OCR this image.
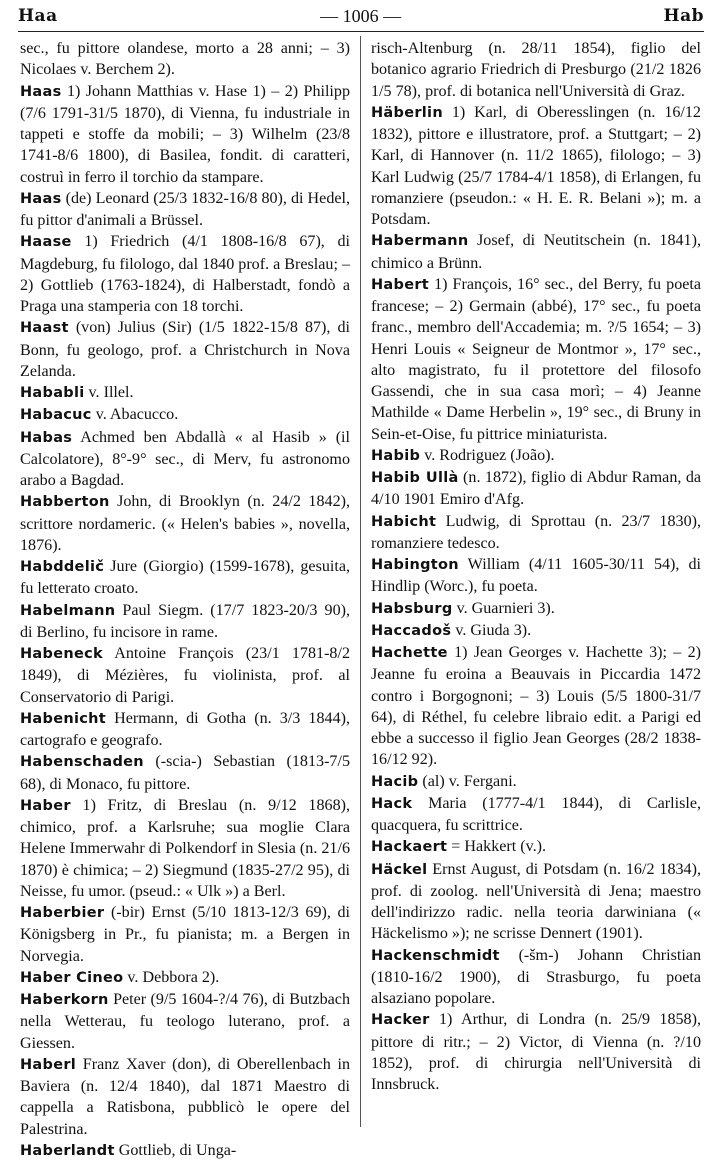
Haa	— 1006 —	Hab

sec., fu pittore olandese, morto a 28 anni; – 3) Nicolaes v. Berchem 2).

Haas 1) Johann Matthias v. Hase 1) – 2) Philipp (7/6 1791-31/5 1870), di Vienna, fu industriale in tappeti e stoffe da mobili; – 3) Wilhelm (23/8 1741-8/6 1800), di Basilea, fondit. di caratteri, costruì in ferro il torchio da stampare.

Haas (de) Leonard (25/3 1832-16/8 80), di Hedel, fu pittor d'animali a Brüssel.

Haase 1) Friedrich (4/1 1808-16/8 67), di Magdeburg, fu filologo, dal 1840 prof. a Breslau; – 2) Gottlieb (1763-1824), di Halberstadt, fondò a Praga una stamperia con 18 torchi.

Haast (von) Julius (Sir) (1/5 1822-15/8 87), di Bonn, fu geologo, prof. a Christchurch in Nova Zelanda.

Hababli v. Illel.

Habacuc v. Abacucco.

Habas Achmed ben Abdallà « al Hasib » (il Calcolatore), 8°-9° sec., di Merv, fu astronomo arabo a Bagdad.

Habberton John, di Brooklyn (n. 24/2 1842), scrittore nordameric. (« Helen's babies », novella, 1876).

Habddelič Jure (Giorgio) (1599-1678), gesuita, fu letterato croato.

Habelmann Paul Siegm. (17/7 1823-20/3 90), di Berlino, fu incisore in rame.

Habeneck Antoine François (23/1 1781-8/2 1849), di Mézières, fu violinista, prof. al Conservatorio di Parigi.

Habenicht Hermann, di Gotha (n. 3/3 1844), cartografo e geografo.

Habenschaden (-scia-) Sebastian (1813-7/5 68), di Monaco, fu pittore.

Haber 1) Fritz, di Breslau (n. 9/12 1868), chimico, prof. a Karlsruhe; sua moglie Clara Helene Immerwahr di Polkendorf in Slesia (n. 21/6 1870) è chimica; – 2) Siegmund (1835-27/2 95), di Neisse, fu umor. (pseud.: « Ulk ») a Berl.

Haberbier (-bir) Ernst (5/10 1813-12/3 69), di Königsberg in Pr., fu pianista; m. a Bergen in Norvegia.

Haber Cineo v. Debbora 2).

Haberkorn Peter (9/5 1604-?/4 76), di Butzbach nella Wetterau, fu teologo luterano, prof. a Giessen.

Haberl Franz Xaver (don), di Oberellenbach in Baviera (n. 12/4 1840), dal 1871 Maestro di cappella a Ratisbona, pubblicò le opere del Palestrina.

Haberlandt Gottlieb, di Unga-

risch-Altenburg (n. 28/11 1854), figlio del botanico agrario Friedrich di Presburgo (21/2 1826 1/5 78), prof. di botanica nell'Università di Graz.

Häberlin 1) Karl, di Oberesslingen (n. 16/12 1832), pittore e illustratore, prof. a Stuttgart; – 2) Karl, di Hannover (n. 11/2 1865), filologo; – 3) Karl Ludwig (25/7 1784-4/1 1858), di Erlangen, fu romanziere (pseudon.: « H. E. R. Belani »); m. a Potsdam.

Habermann Josef, di Neutitschein (n. 1841), chimico a Brünn.

Habert 1) François, 16° sec., del Berry, fu poeta francese; – 2) Germain (abbé), 17° sec., fu poeta franc., membro dell'Accademia; m. ?/5 1654; – 3) Henri Louis « Seigneur de Montmor », 17° sec., alto magistrato, fu il protettore del filosofo Gassendi, che in sua casa morì; – 4) Jeanne Mathilde « Dame Herbelin », 19° sec., di Bruny in Sein-et-Oise, fu pittrice miniaturista.

Habib v. Rodriguez (João).

Habib Ullà (n. 1872), figlio di Abdur Raman, da 4/10 1901 Emiro d'Afg.

Habicht Ludwig, di Sprottau (n. 23/7 1830), romanziere tedesco.

Habington William (4/11 1605-30/11 54), di Hindlip (Worc.), fu poeta.

Habsburg v. Guarnieri 3).

Haccadoš v. Giuda 3).

Hachette 1) Jean Georges v. Hachette 3); – 2) Jeanne fu eroina a Beauvais in Piccardia 1472 contro i Borgognoni; – 3) Louis (5/5 1800-31/7 64), di Réthel, fu celebre libraio edit. a Parigi ed ebbe a successo il figlio Jean Georges (28/2 1838-16/12 92).

Hacib (al) v. Fergani.

Hack Maria (1777-4/1 1844), di Carlisle, quacquera, fu scrittrice.

Hackaert = Hakkert (v.).

Häckel Ernst August, di Potsdam (n. 16/2 1834), prof. di zoolog. nell'Università di Jena; maestro dell'indirizzo radic. nella teoria darwiniana (« Häckelismo »); ne scrisse Dennert (1901).

Hackenschmidt (-šm-) Johann Christian (1810-16/2 1900), di Strasburgo, fu poeta alsaziano popolare.

Hacker 1) Arthur, di Londra (n. 25/9 1858), pittore di ritr.; – 2) Victor, di Vienna (n. ?/10 1852), prof. di chirurgia nell'Università di Innsbruck.
